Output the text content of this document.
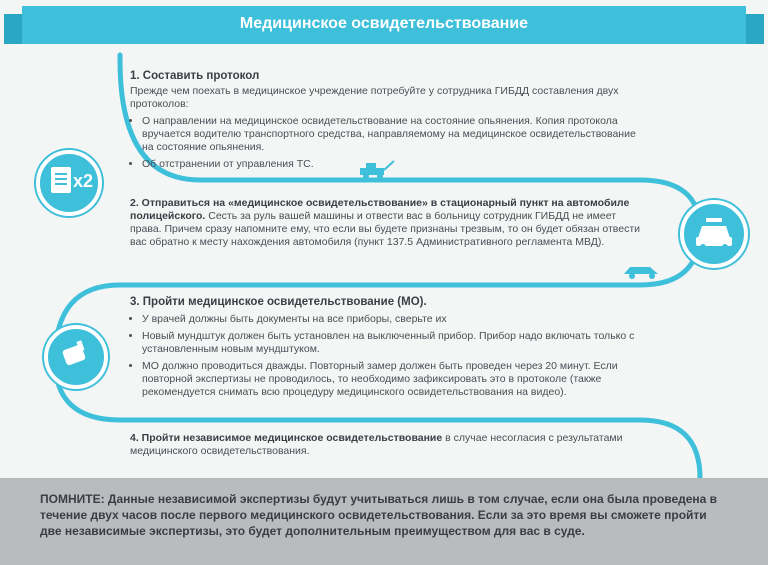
Медицинское освидетельствование
1. Составить протокол

Прежде чем поехать в медицинское учреждение потребуйте у сотрудника ГИБДД составления двух протоколов:

• О направлении на медицинское освидетельствование на состояние опьянения. Копия протокола вручается водителю транспортного средства, направляемому на медицинское освидетельствование на состояние опьянения.
• Об отстранении от управления ТС.
x2

2. Отправиться на «медицинское освидетельствование» в стационарный пункт на автомобиле полицейского. Сесть за руль вашей машины и отвести вас в больницу сотрудник ГИБДД не имеет права. Причем сразу напомните ему, что если вы будете признаны трезвым, то он будет обязан отвести вас обратно к месту нахождения автомобиля (пункт 137.5 Административного регламента МВД).

3. Пройти медицинское освидетельствование (МО).
• У врачей должны быть документы на все приборы, сверьте их
• Новый мундштук должен быть установлен на выключенный прибор. Прибор надо включать только с установленным новым мундштуком.
• МО должно проводиться дважды. Повторный замер должен быть проведен через 20 минут. Если повторной экспертизы не проводилось, то необходимо зафиксировать это в протоколе (также рекомендуется снимать всю процедуру медицинского освидетельствования на видео).

4. Пройти независимое медицинское освидетельствование в случае несогласия с результатами медицинского освидетельствования.

ПОМНИТЕ: Данные независимой экспертизы будут учитываться лишь в том случае, если она была проведена в течение двух часов после первого медицинского освидетельствования. Если за это время вы сможете пройти две независимые экспертизы, это будет дополнительным преимуществом для вас в суде.
